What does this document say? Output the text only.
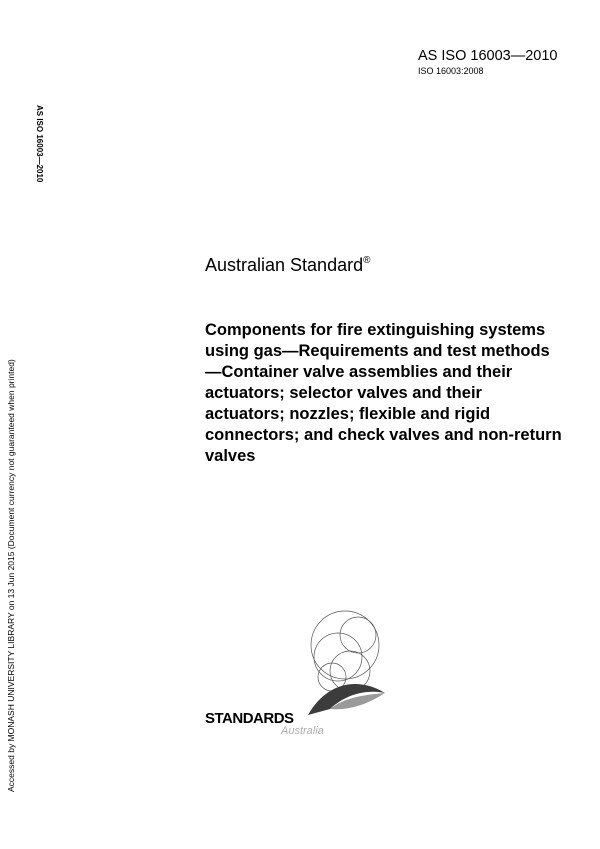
AS ISO 16003—2010
ISO 16003:2008
AS ISO 16003—2010
Accessed by MONASH UNIVERSITY LIBRARY on 13 Jun 2015 (Document currency not guaranteed when printed)
Australian Standard®
Components for fire extinguishing systems using gas—Requirements and test methods—Container valve assemblies and their actuators; selector valves and their actuators; nozzles; flexible and rigid connectors; and check valves and non-return valves
STANDARDS
Australia
